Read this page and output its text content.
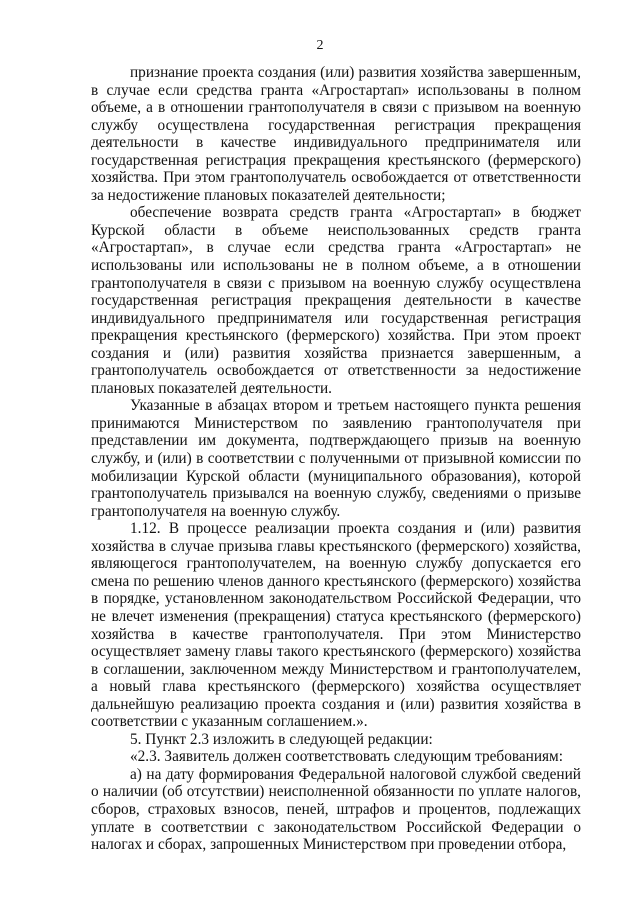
2

признание проекта создания (или) развития хозяйства завершенным, в случае если средства гранта «Агростартап» использованы в полном объеме, а в отношении грантополучателя в связи с призывом на военную службу осуществлена государственная регистрация прекращения деятельности в качестве индивидуального предпринимателя или государственная регистрация прекращения крестьянского (фермерского) хозяйства. При этом грантополучатель освобождается от ответственности за недостижение плановых показателей деятельности;

обеспечение возврата средств гранта «Агростартап» в бюджет Курской области в объеме неиспользованных средств гранта «Агростартап», в случае если средства гранта «Агростартап» не использованы или использованы не в полном объеме, а в отношении грантополучателя в связи с призывом на военную службу осуществлена государственная регистрация прекращения деятельности в качестве индивидуального предпринимателя или государственная регистрация прекращения крестьянского (фермерского) хозяйства. При этом проект создания и (или) развития хозяйства признается завершенным, а грантополучатель освобождается от ответственности за недостижение плановых показателей деятельности.

Указанные в абзацах втором и третьем настоящего пункта решения принимаются Министерством по заявлению грантополучателя при представлении им документа, подтверждающего призыв на военную службу, и (или) в соответствии с полученными от призывной комиссии по мобилизации Курской области (муниципального образования), которой грантополучатель призывался на военную службу, сведениями о призыве грантополучателя на военную службу.

1.12. В процессе реализации проекта создания и (или) развития хозяйства в случае призыва главы крестьянского (фермерского) хозяйства, являющегося грантополучателем, на военную службу допускается его смена по решению членов данного крестьянского (фермерского) хозяйства в порядке, установленном законодательством Российской Федерации, что не влечет изменения (прекращения) статуса крестьянского (фермерского) хозяйства в качестве грантополучателя. При этом Министерство осуществляет замену главы такого крестьянского (фермерского) хозяйства в соглашении, заключенном между Министерством и грантополучателем, а новый глава крестьянского (фермерского) хозяйства осуществляет дальнейшую реализацию проекта создания и (или) развития хозяйства в соответствии с указанным соглашением.».

5. Пункт 2.3 изложить в следующей редакции:

«2.3. Заявитель должен соответствовать следующим требованиям:

а) на дату формирования Федеральной налоговой службой сведений о наличии (об отсутствии) неисполненной обязанности по уплате налогов, сборов, страховых взносов, пеней, штрафов и процентов, подлежащих уплате в соответствии с законодательством Российской Федерации о налогах и сборах, запрошенных Министерством при проведении отбора,
